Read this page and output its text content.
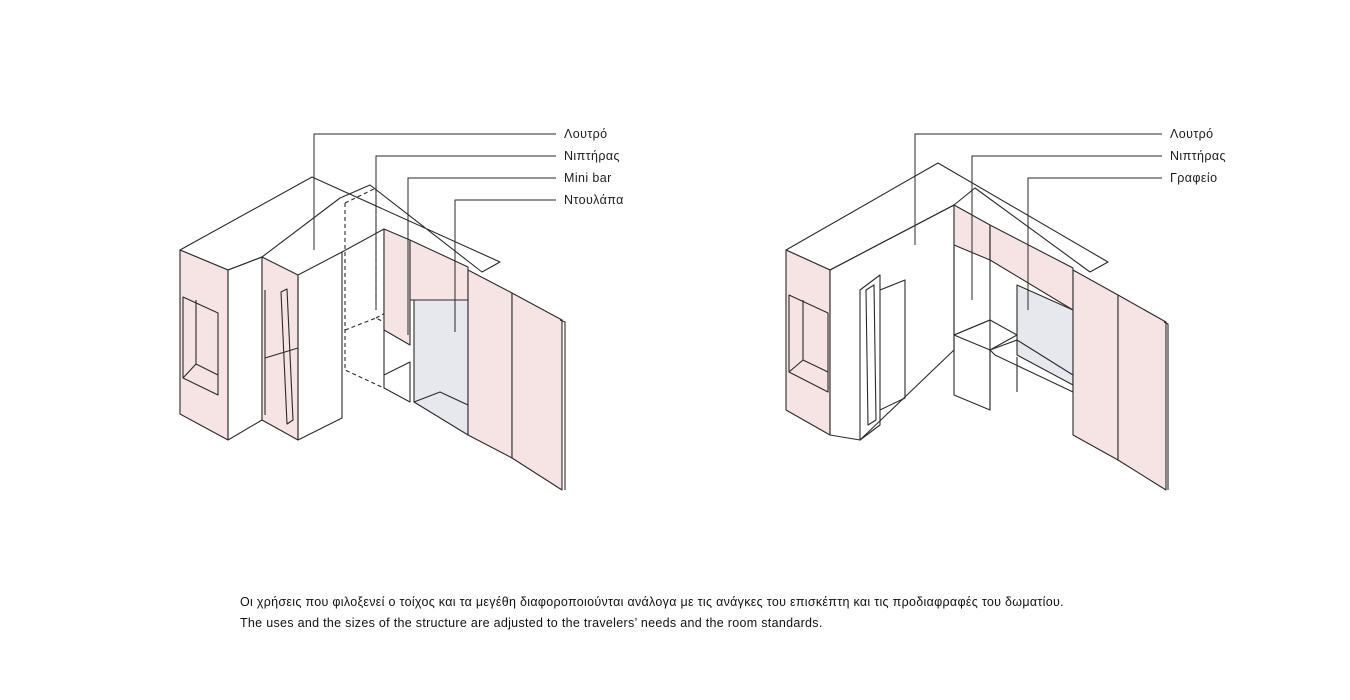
Λουτρό
Νιπτήρας
Mini bar
Ντουλάπα
Λουτρό
Νιπτήρας
Γραφείο
Οι χρήσεις που φιλοξενεί ο τοίχος και τα μεγέθη διαφοροποιούνται ανάλογα με τις ανάγκες του επισκέπτη και τις προδιαφραφές του δωματίου.
The uses and the sizes of the structure are adjusted to the travelers’ needs and the room standards.
